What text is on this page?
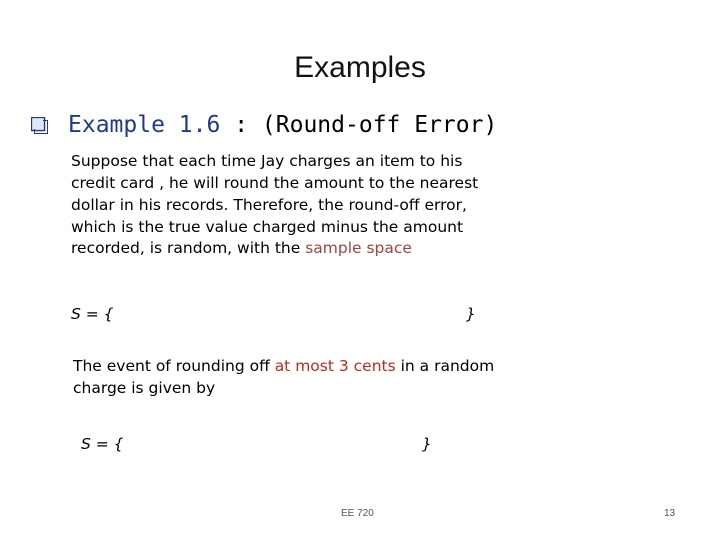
Examples
Example 1.6 : (Round-off Error)
Suppose that each time Jay charges an item to his
credit card , he will round the amount to the nearest
dollar in his records. Therefore, the round-off error,
which is the true value charged minus the amount
recorded, is random, with the sample space
S = {	}
The event of rounding off at most 3 cents in a random
charge is given by
S = {	}
EE 720	13
